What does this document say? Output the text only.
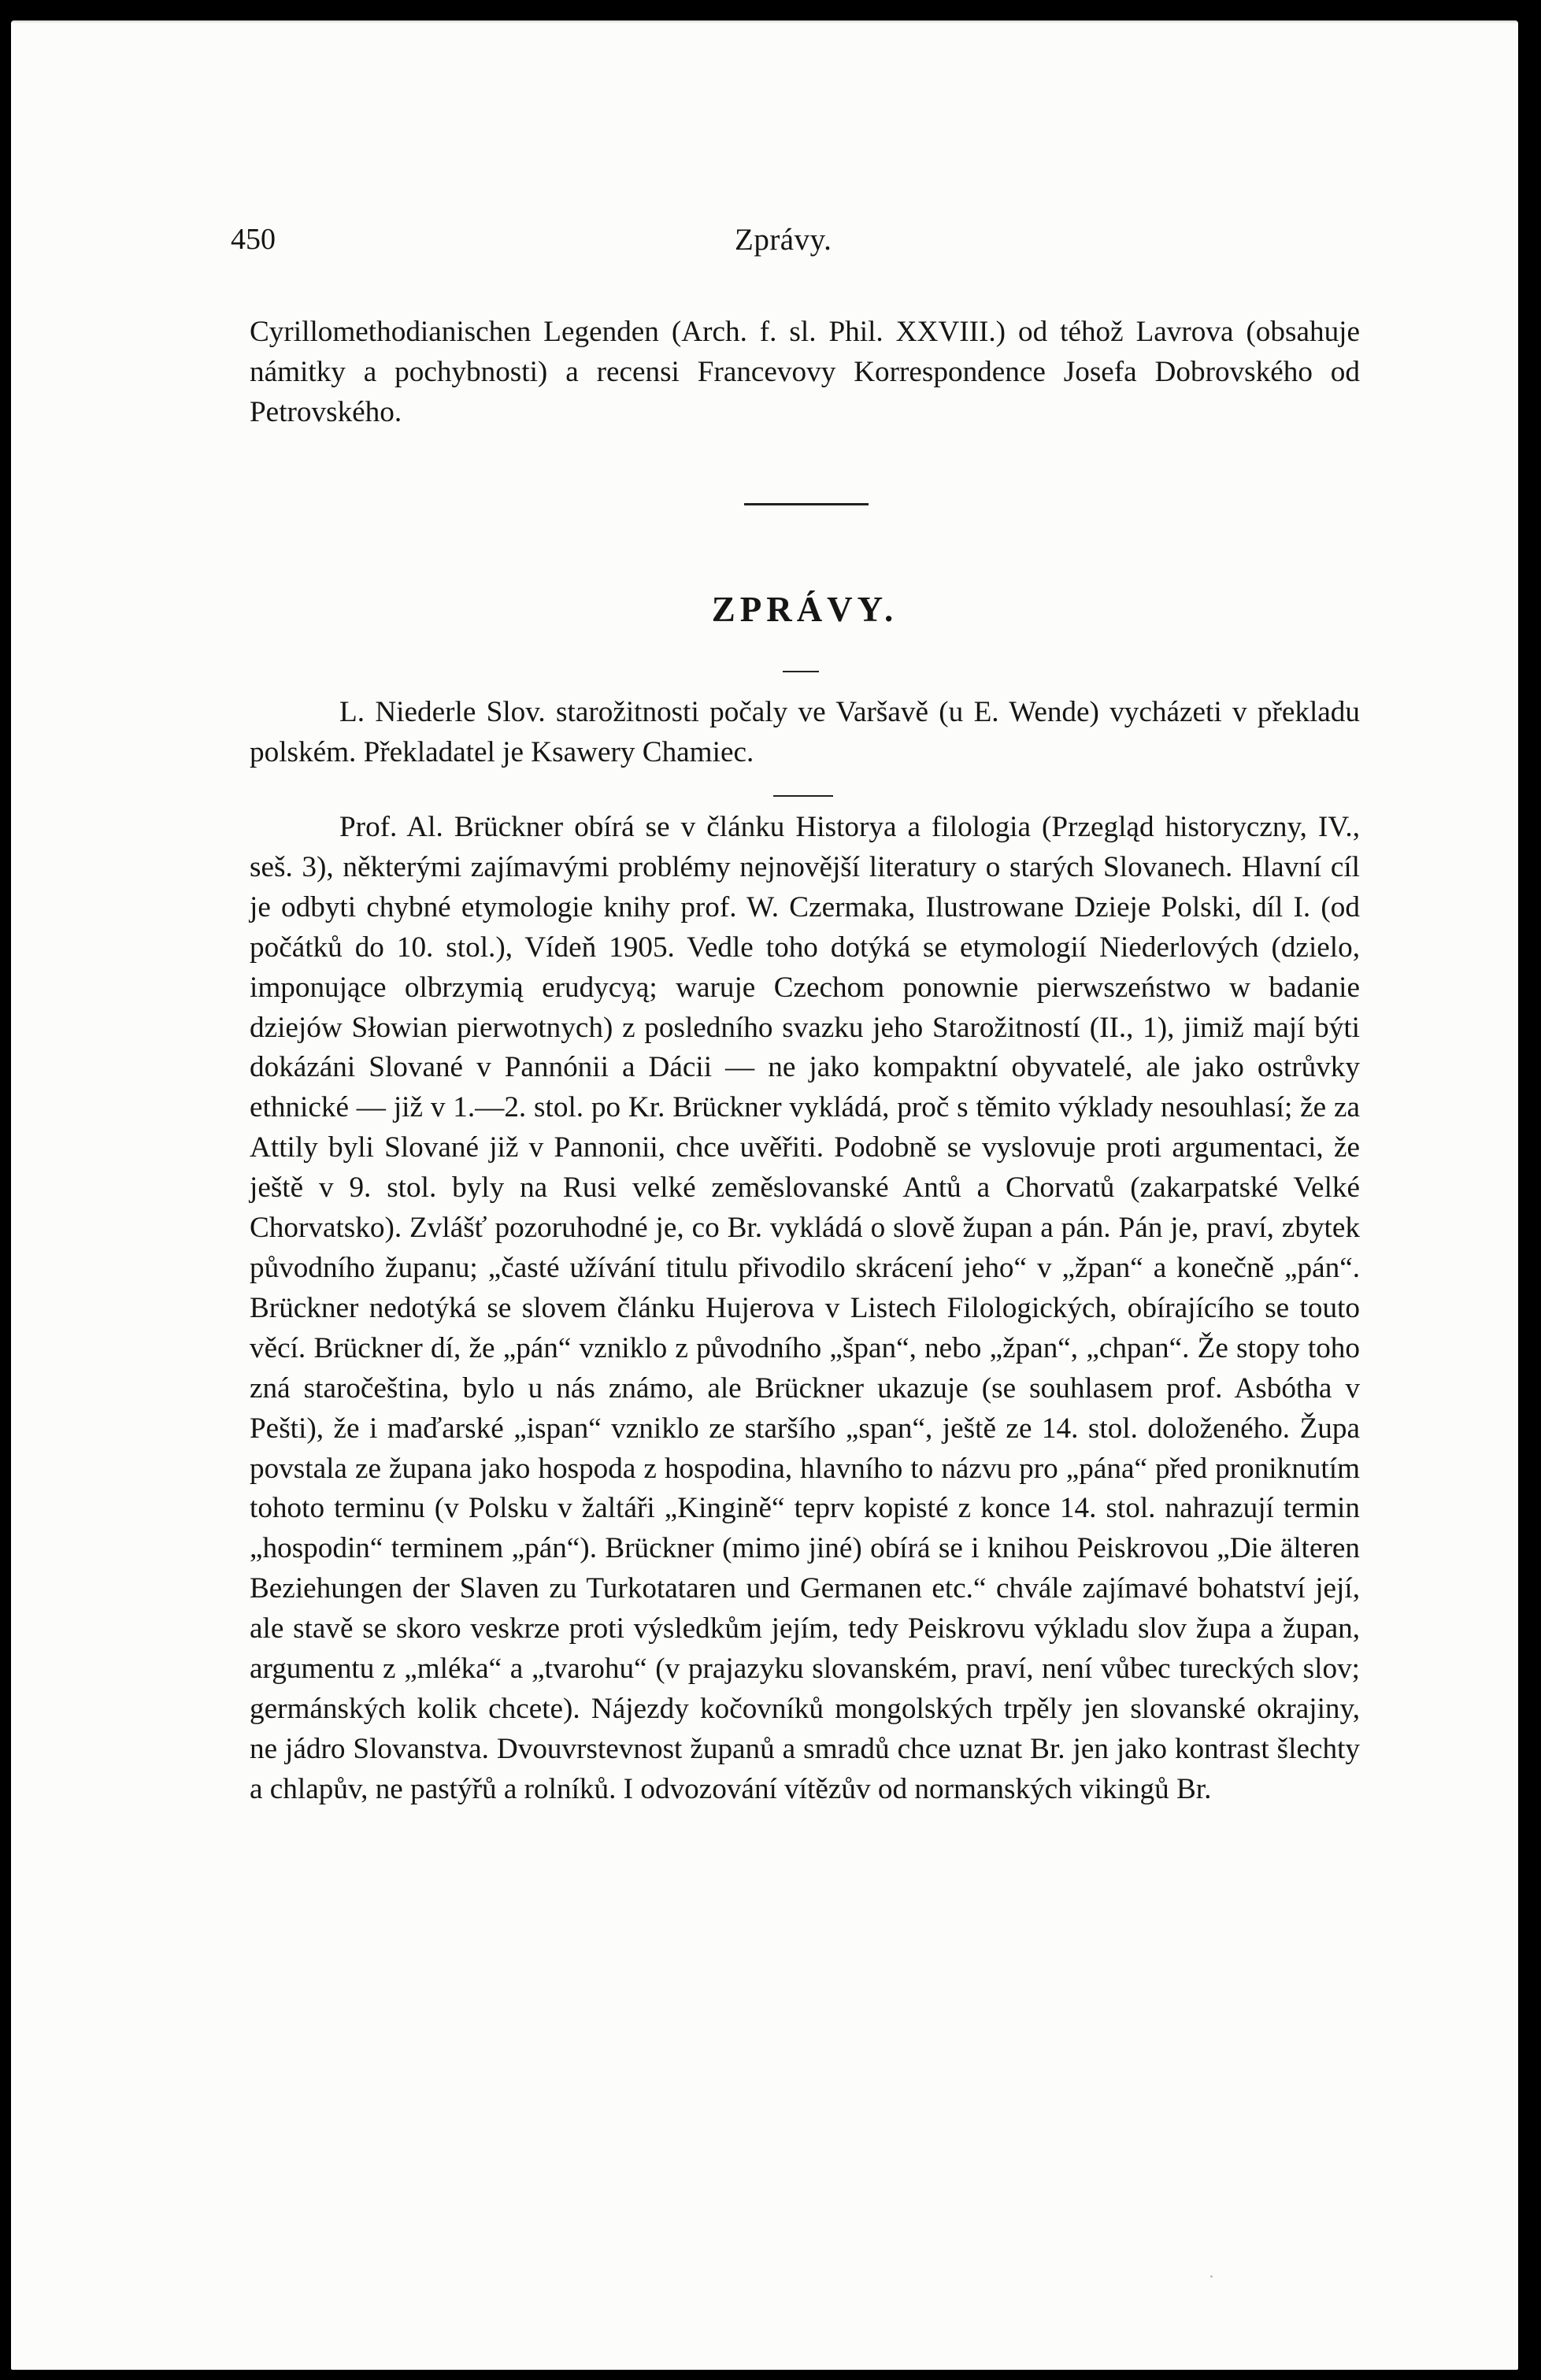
450	Zprávy.

Cyrillomethodianischen Legenden (Arch. f. sl. Phil. XXVIII.) od téhož Lavrova (obsahuje námitky a pochybnosti) a recensi Francevovy Korrespondence Josefa Dobrovského od Petrovského.

ZPRÁVY.

L. Niederle Slov. starožitnosti počaly ve Varšavě (u E. Wende) vycházeti v překladu polském. Překladatel je Ksawery Chamiec.

Prof. Al. Brückner obírá se v článku Historya a filologia (Przegląd historyczny, IV., seš. 3), některými zajímavými problémy nejnovější literatury o starých Slovanech. Hlavní cíl je odbyti chybné etymologie knihy prof. W. Czermaka, Ilustrowane Dzieje Polski, díl I. (od počátků do 10. stol.), Vídeň 1905. Vedle toho dotýká se etymologií Niederlových (dzielo, imponujące olbrzymią erudycyą; waruje Czechom ponownie pierwszeństwo w badanie dziejów Słowian pierwotnych) z posledního svazku jeho Starožitností (II., 1), jimiž mají býti dokázáni Slované v Pannónii a Dácii — ne jako kompaktní obyvatelé, ale jako ostrůvky ethnické — již v 1.—2. stol. po Kr. Brückner vykládá, proč s těmito výklady nesouhlasí; že za Attily byli Slované již v Pannonii, chce uvěřiti. Podobně se vyslovuje proti argumentaci, že ještě v 9. stol. byly na Rusi velké zeměslovanské Antů a Chorvatů (zakarpatské Velké Chorvatsko). Zvlášť pozoruhodné je, co Br. vykládá o slově župan a pán. Pán je, praví, zbytek původního županu; „časté užívání titulu přivodilo skrácení jeho“ v „žpan“ a konečně „pán“. Brückner nedotýká se slovem článku Hujerova v Listech Filologických, obírajícího se touto věcí. Brückner dí, že „pán“ vzniklo z původního „špan“, nebo „žpan“, „chpan“. Že stopy toho zná staročeština, bylo u nás známo, ale Brückner ukazuje (se souhlasem prof. Asbótha v Pešti), že i maďarské „ispan“ vzniklo ze staršího „span“, ještě ze 14. stol. doloženého. Župa povstala ze županа jako hospoda z hospodina, hlavního to názvu pro „pána“ před proniknutím tohoto terminu (v Polsku v žaltáři „Kingině“ teprv kopisté z konce 14. stol. nahrazují termin „hospodin“ terminem „pán“). Brückner (mimo jiné) obírá se i knihou Peiskrovou „Die älteren Beziehungen der Slaven zu Turkotataren und Germanen etc.“ chvále zajímavé bohatství její, ale stavě se skoro veskrze proti výsledkům jejím, tedy Peiskrovu výkladu slov župa a župan, argumentu z „mléka“ a „tvarohu“ (v prajazyku slovanském, praví, není vůbec tureckých slov; germánských kolik chcete). Nájezdy kočovníků mongolských trpěly jen slovanské okrajiny, ne jádro Slovanstva. Dvouvrstevnost županů a smradů chce uznat Br. jen jako kontrast šlechty a chlapův, ne pastýřů a rolníků. I odvozování vítězův od normanských vikingů Br.
